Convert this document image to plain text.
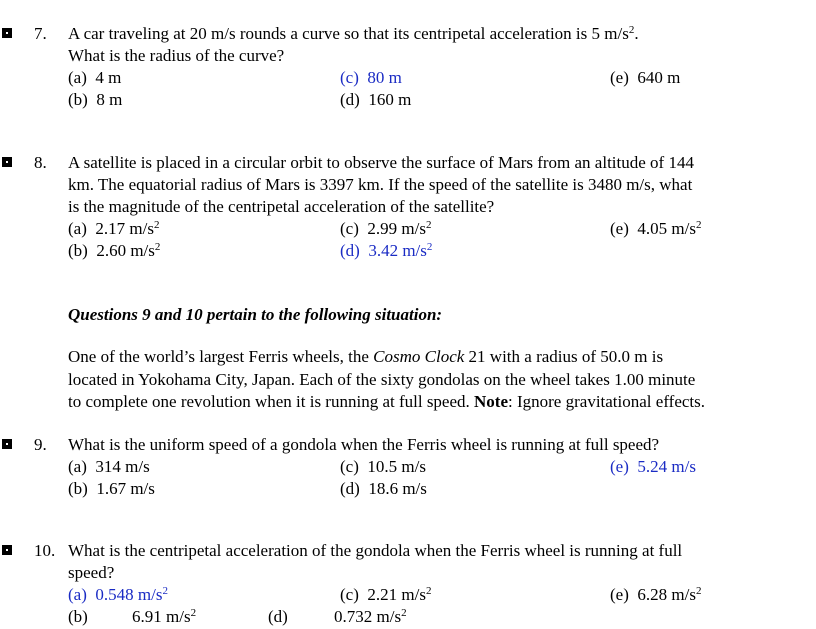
7. A car traveling at 20 m/s rounds a curve so that its centripetal acceleration is 5 $m/s^2$.
What is the radius of the curve?
(a) 4 m
(b) 8 m
(c) 80 m
(d) 160 m
(e) 640 m
8. A satellite is placed in a circular orbit to observe the surface of Mars from an altitude of 144
km. The equatorial radius of Mars is 3397 km. If the speed of the satellite is 3480 m/s, what
is the magnitude of the centripetal acceleration of the satellite?
(a) 2.17 $m/s^2$
(b) 2.60 $m/s^2$
(c) 2.99 $m/s^2$
(d) 3.42 $m/s^2$
(e) 4.05 $m/s^2$
Questions 9 and 10 pertain to the following situation:
One of the world’s largest Ferris wheels, the Cosmo Clock 21 with a radius of 50.0 m is
located in Yokohama City, Japan. Each of the sixty gondolas on the wheel takes 1.00 minute
to complete one revolution when it is running at full speed. Note: Ignore gravitational effects.
9. What is the uniform speed of a gondola when the Ferris wheel is running at full speed?
(a) 314 m/s
(b) 1.67 m/s
(c) 10.5 m/s
(d) 18.6 m/s
(e) 5.24 m/s
10. What is the centripetal acceleration of the gondola when the Ferris wheel is running at full
speed?
(a) 0.548 $m/s^2$
(b)	6.91 $m/s^2$
(c) 2.21 $m/s^2$
(d)	0.732 $m/s^2$
(e) 6.28 $m/s^2$
